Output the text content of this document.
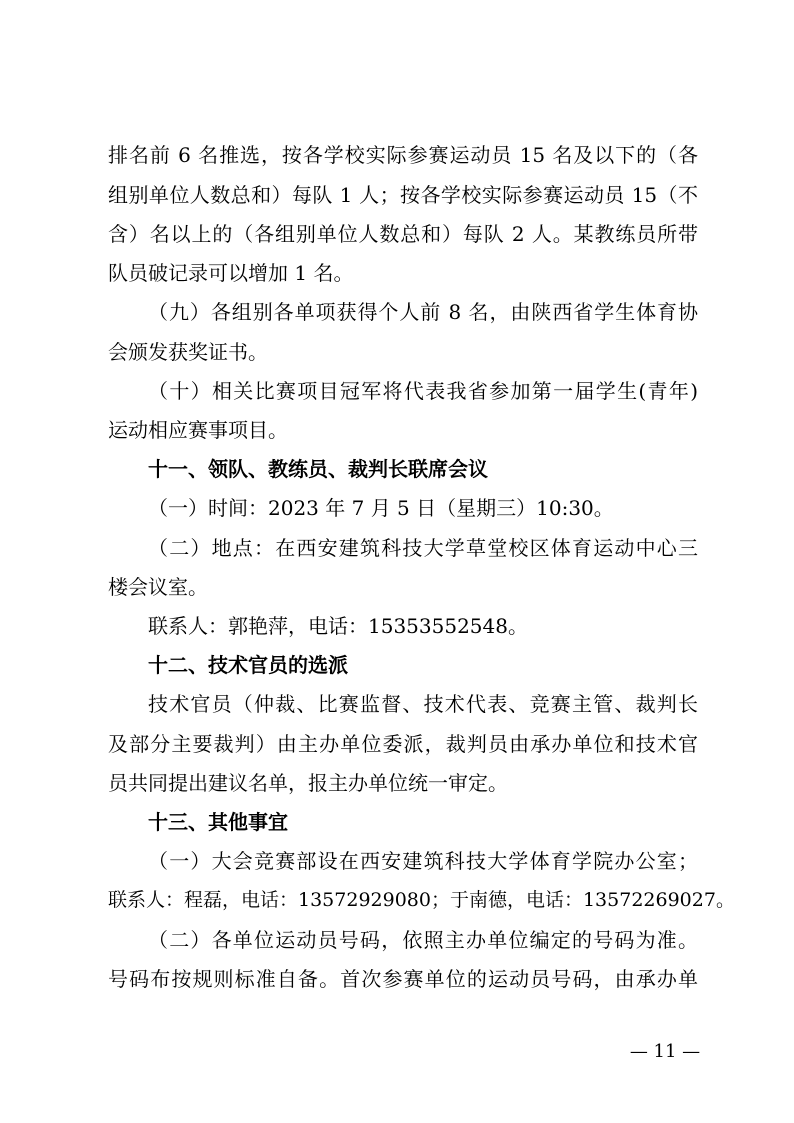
排名前 6 名推选，按各学校实际参赛运动员 15 名及以下的（各
组别单位人数总和）每队 1 人；按各学校实际参赛运动员 15（不
含）名以上的（各组别单位人数总和）每队 2 人。某教练员所带
队员破记录可以增加 1 名。
（九）各组别各单项获得个人前 8 名，由陕西省学生体育协
会颁发获奖证书。
（十）相关比赛项目冠军将代表我省参加第一届学生(青年)
运动相应赛事项目。
十一、领队、教练员、裁判长联席会议
（一）时间：2023 年 7 月 5 日（星期三）10:30。
（二）地点：在西安建筑科技大学草堂校区体育运动中心三
楼会议室。
联系人：郭艳萍，电话：15353552548。
十二、技术官员的选派
技术官员（仲裁、比赛监督、技术代表、竞赛主管、裁判长
及部分主要裁判）由主办单位委派，裁判员由承办单位和技术官
员共同提出建议名单，报主办单位统一审定。
十三、其他事宜
（一）大会竞赛部设在西安建筑科技大学体育学院办公室；
联系人：程磊，电话：13572929080；于南德，电话：13572269027。
（二）各单位运动员号码，依照主办单位编定的号码为准。
号码布按规则标准自备。首次参赛单位的运动员号码，由承办单
— 11 —
